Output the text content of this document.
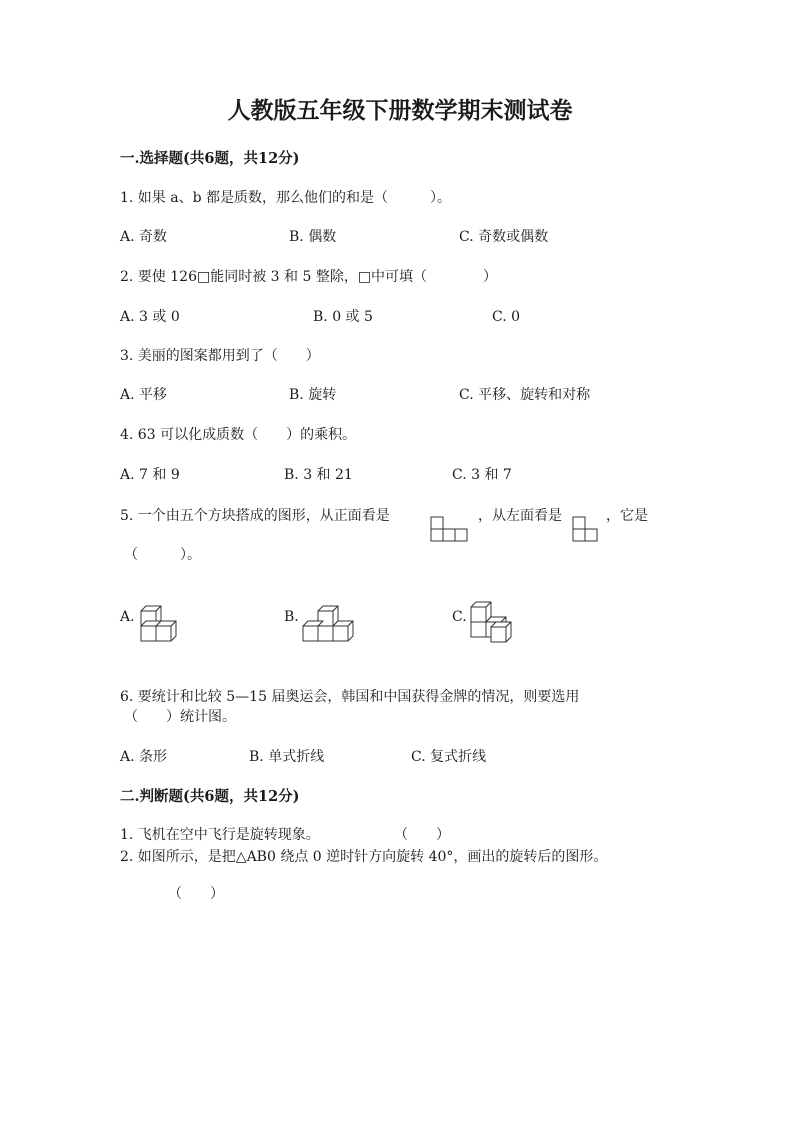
人教版五年级下册数学期末测试卷
一.选择题(共6题，共12分)
1. 如果 a、b 都是质数，那么他们的和是（　　　）。
A. 奇数	B. 偶数	C. 奇数或偶数
2. 要使 126□能同时被 3 和 5 整除，□中可填（　　　　）
A. 3 或 0	B. 0 或 5	C. 0
3. 美丽的图案都用到了（　　）
A. 平移	B. 旋转	C. 平移、旋转和对称
4. 63 可以化成质数（　　）的乘积。
A. 7 和 9	B. 3 和 21	C. 3 和 7
5. 一个由五个方块搭成的图形，从正面看是	，从左面看是	，它是
（　　　）。
A.	B.	C.
6. 要统计和比较 5—15 届奥运会，韩国和中国获得金牌的情况，则要选用
（　　）统计图。
A. 条形	B. 单式折线	C. 复式折线
二.判断题(共6题，共12分)
1. 飞机在空中飞行是旋转现象。	（　　）
2. 如图所示，是把△AB0 绕点 0 逆时针方向旋转 40°，画出的旋转后的图形。
（　　）
